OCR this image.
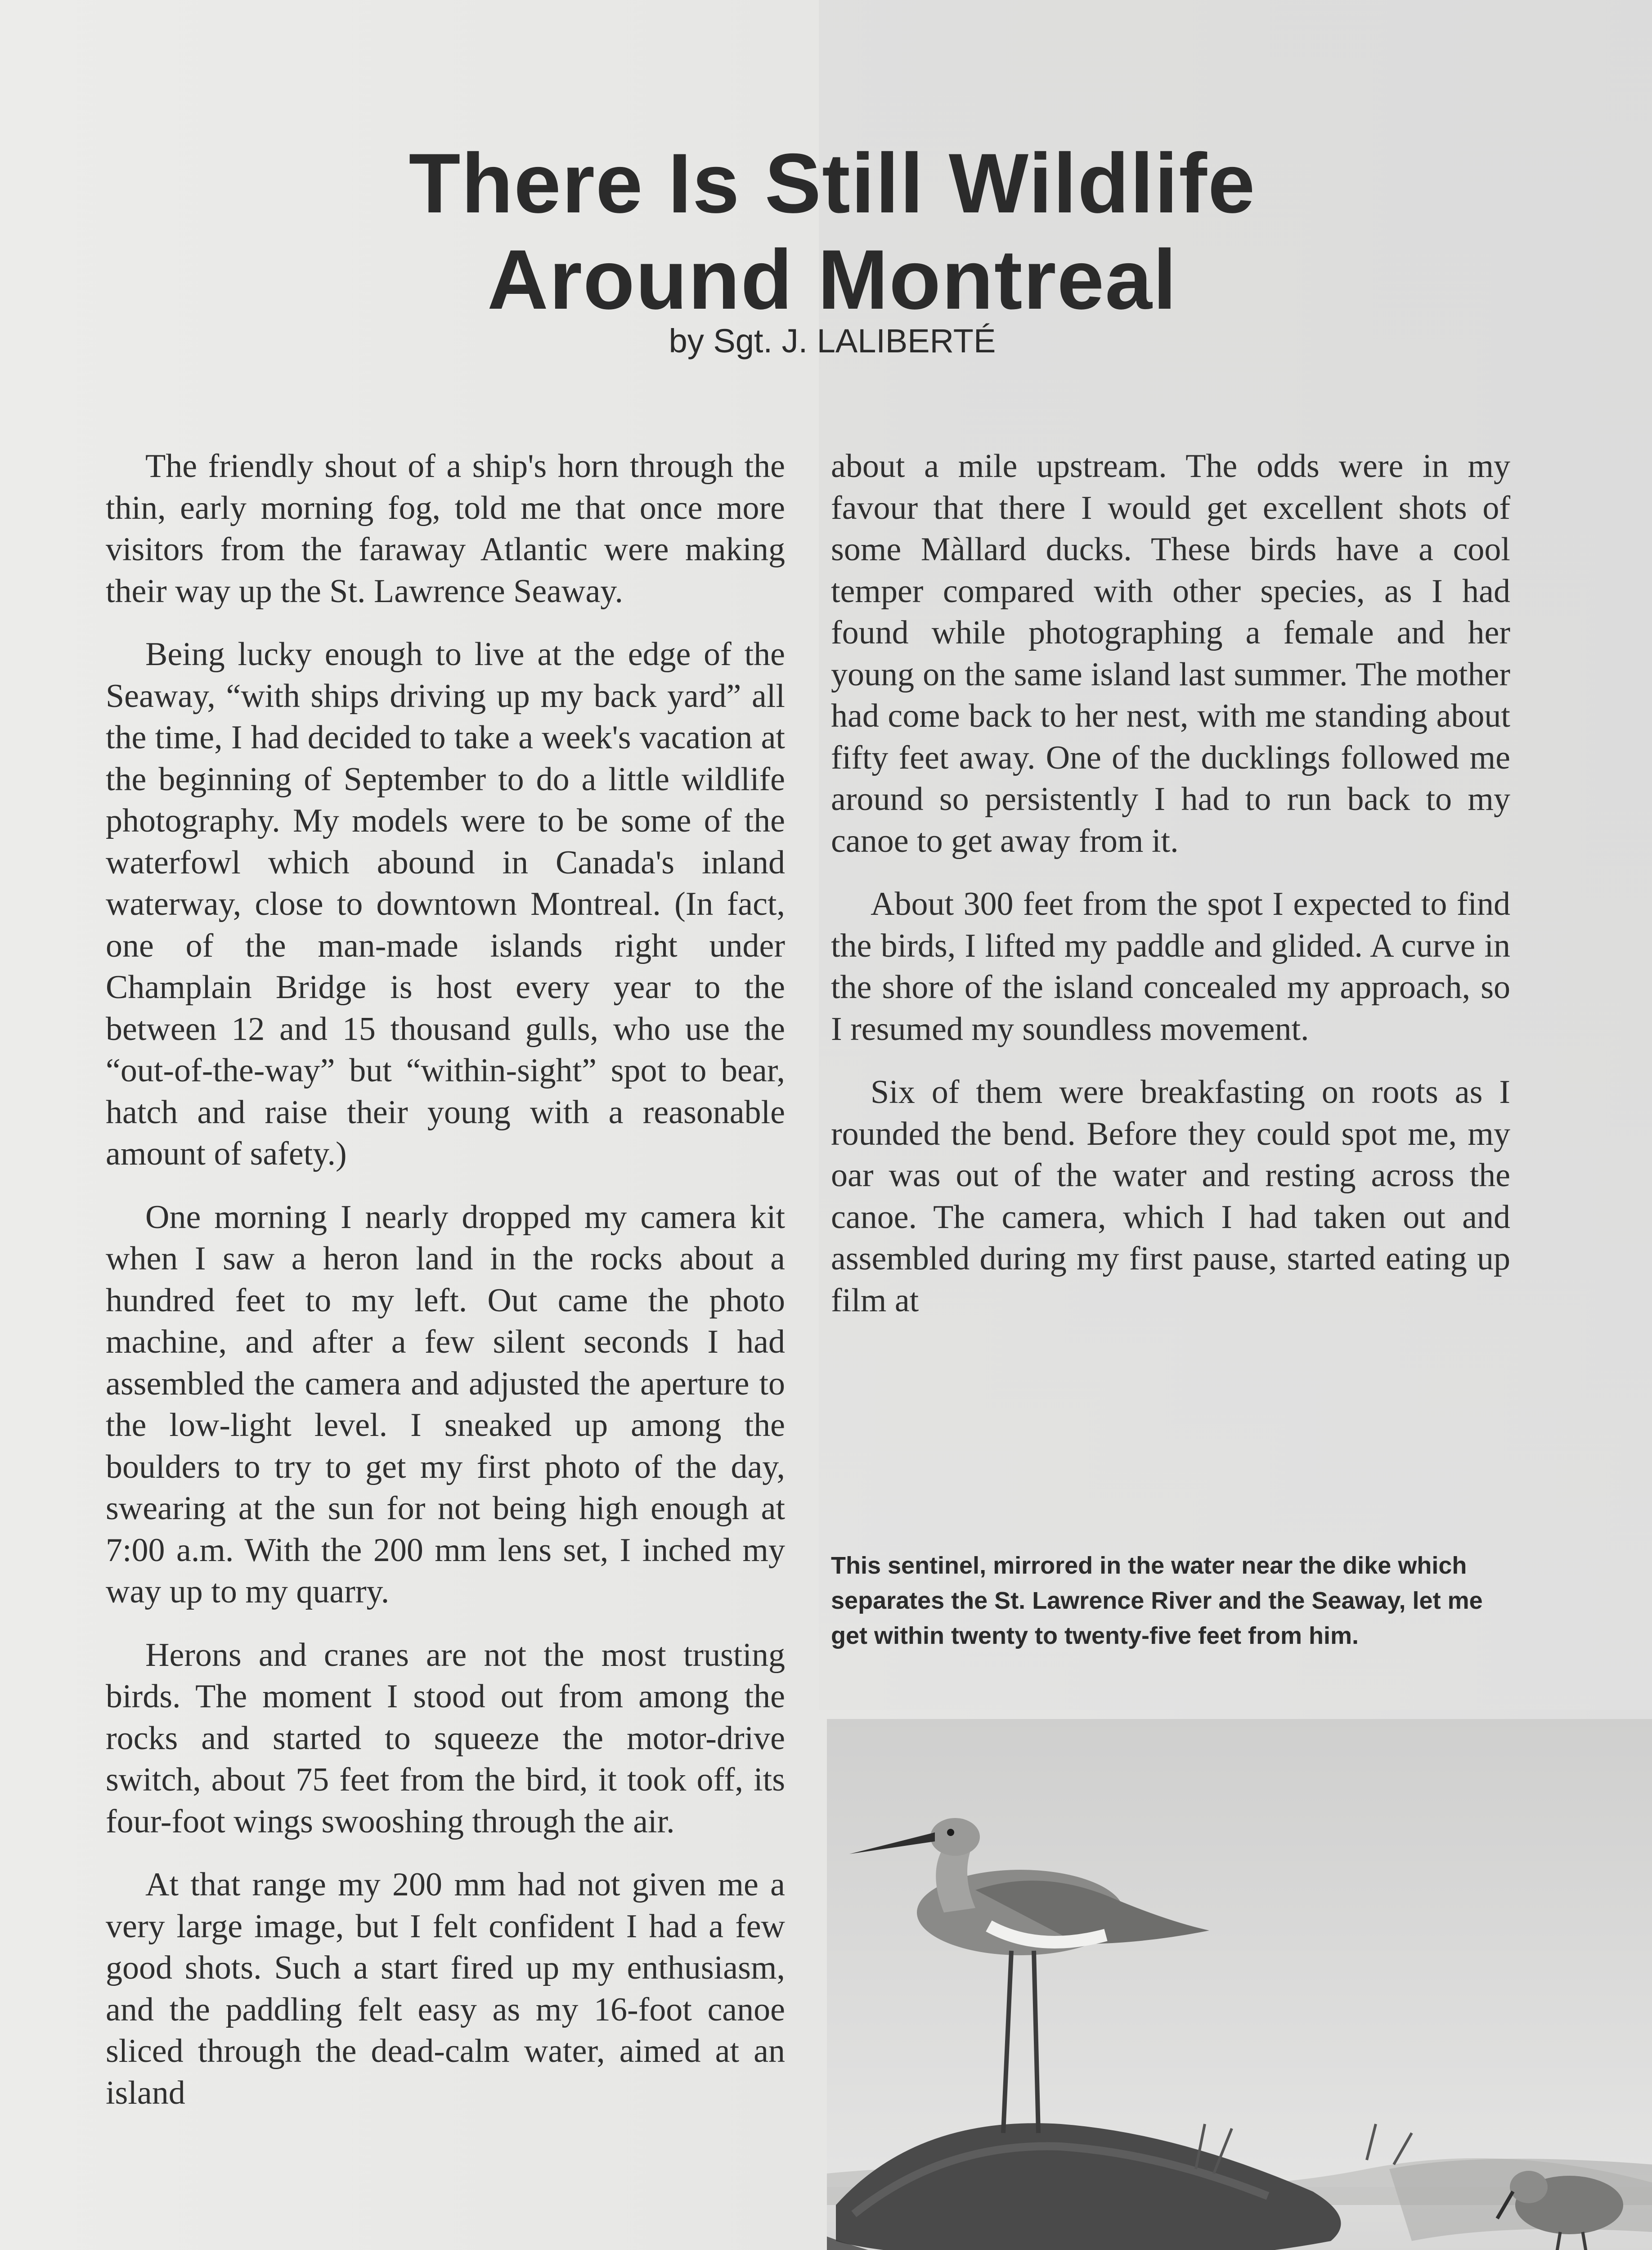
There Is Still Wildlife
Around Montreal
by Sgt. J. LALIBERTÉ

The friendly shout of a ship's horn through the thin, early morning fog, told me that once more visitors from the faraway Atlantic were making their way up the St. Lawrence Seaway.

Being lucky enough to live at the edge of the Seaway, “with ships driving up my back yard” all the time, I had decided to take a week's vacation at the beginning of September to do a little wildlife photography. My models were to be some of the waterfowl which abound in Canada's inland waterway, close to downtown Montreal. (In fact, one of the man-made islands right under Champlain Bridge is host every year to the between 12 and 15 thousand gulls, who use the “out-of-the-way” but “within-sight” spot to bear, hatch and raise their young with a reasonable amount of safety.)

One morning I nearly dropped my camera kit when I saw a heron land in the rocks about a hundred feet to my left. Out came the photo machine, and after a few silent seconds I had assembled the camera and adjusted the aperture to the low-light level. I sneaked up among the boulders to try to get my first photo of the day, swearing at the sun for not being high enough at 7:00 a.m. With the 200 mm lens set, I inched my way up to my quarry.

Herons and cranes are not the most trusting birds. The moment I stood out from among the rocks and started to squeeze the motor-drive switch, about 75 feet from the bird, it took off, its four-foot wings swooshing through the air.

At that range my 200 mm had not given me a very large image, but I felt confident I had a few good shots. Such a start fired up my enthusiasm, and the paddling felt easy as my 16-foot canoe sliced through the dead-calm water, aimed at an island

about a mile upstream. The odds were in my favour that there I would get excellent shots of some Màllard ducks. These birds have a cool temper compared with other species, as I had found while photographing a female and her young on the same island last summer. The mother had come back to her nest, with me standing about fifty feet away. One of the ducklings followed me around so persistently I had to run back to my canoe to get away from it.

About 300 feet from the spot I expected to find the birds, I lifted my paddle and glided. A curve in the shore of the island concealed my approach, so I resumed my soundless movement.

Six of them were breakfasting on roots as I rounded the bend. Before they could spot me, my oar was out of the water and resting across the canoe. The camera, which I had taken out and assembled during my first pause, started eating up film at

This sentinel, mirrored in the water near the dike which separates the St. Lawrence River and the Seaway, let me get within twenty to twenty-five feet from him.
